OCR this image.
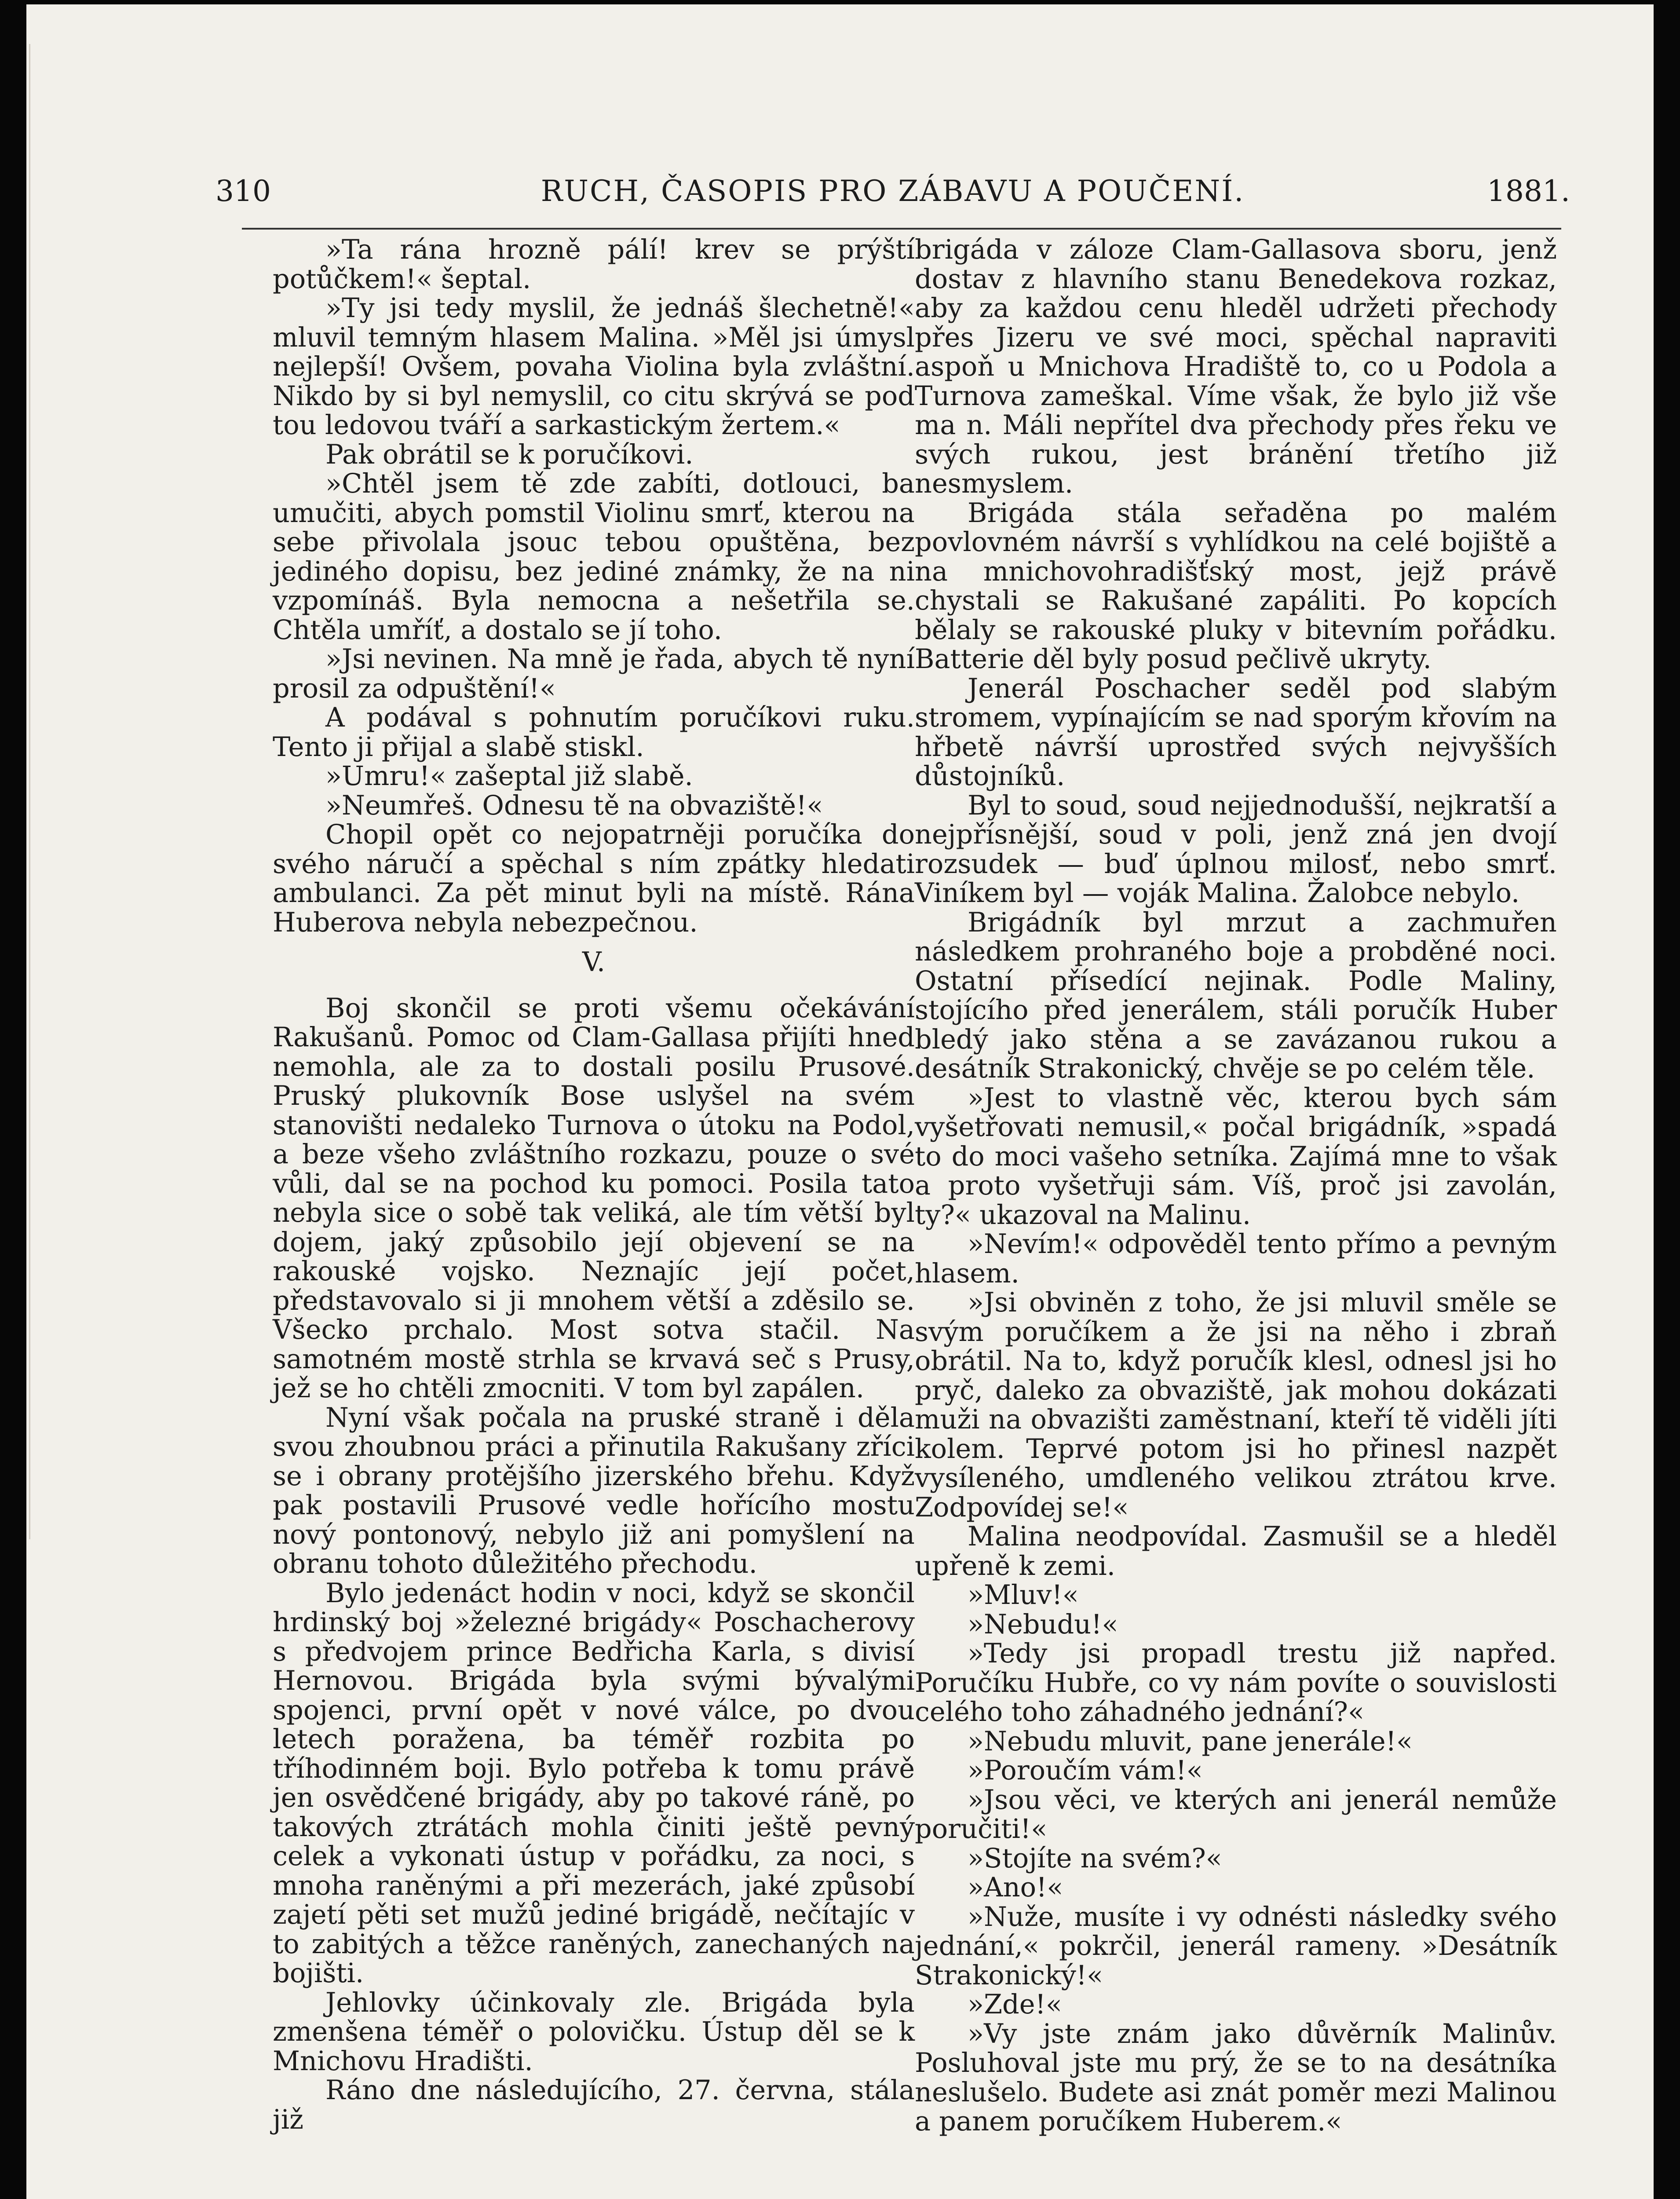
310	RUCH, ČASOPIS PRO ZÁBAVU A POUČENÍ.	1881.

»Ta rána hrozně pálí! krev se prýští potůčkem!« šeptal.

»Ty jsi tedy myslil, že jednáš šlechetně!« mluvil temným hlasem Malina. »Měl jsi úmysl nejlepší! Ovšem, povaha Violina byla zvláštní. Nikdo by si byl nemyslil, co citu skrývá se pod tou ledovou tváří a sarkastickým žertem.«

Pak obrátil se k poručíkovi.

»Chtěl jsem tě zde zabíti, dotlouci, ba umučiti, abych pomstil Violinu smrť, kterou na sebe přivolala jsouc tebou opuštěna, bez jediného dopisu, bez jediné známky, že na ni vzpomínáš. Byla nemocna a nešetřila se. Chtěla umříť, a dostalo se jí toho.

»Jsi nevinen. Na mně je řada, abych tě nyní prosil za odpuštění!«

A podával s pohnutím poručíkovi ruku. Tento ji přijal a slabě stiskl.

»Umru!« zašeptal již slabě.

»Neumřeš. Odnesu tě na obvaziště!«

Chopil opět co nejopatrněji poručíka do svého náručí a spěchal s ním zpátky hledati ambulanci. Za pět minut byli na místě. Rána Huberova nebyla nebezpečnou.

V.

Boj skončil se proti všemu očekávání Rakušanů. Pomoc od Clam-Gallasa přijíti hned nemohla, ale za to dostali posilu Prusové. Pruský plukovník Bose uslyšel na svém stanovišti nedaleko Turnova o útoku na Podol, a beze všeho zvláštního rozkazu, pouze o své vůli, dal se na pochod ku pomoci. Posila tato nebyla sice o sobě tak veliká, ale tím větší byl dojem, jaký způsobilo její objevení se na rakouské vojsko. Neznajíc její počet, představovalo si ji mnohem větší a zděsilo se. Všecko prchalo. Most sotva stačil. Na samotném mostě strhla se krvavá seč s Prusy, jež se ho chtěli zmocniti. V tom byl zapálen.

Nyní však počala na pruské straně i děla svou zhoubnou práci a přinutila Rakušany zříci se i obrany protějšího jizerského břehu. Když pak postavili Prusové vedle hořícího mostu nový pontonový, nebylo již ani pomyšlení na obranu tohoto důležitého přechodu.

Bylo jedenáct hodin v noci, když se skončil hrdinský boj »železné brigády« Poschacherovy s předvojem prince Bedřicha Karla, s divisí Hernovou. Brigáda byla svými bývalými spojenci, první opět v nové válce, po dvou letech poražena, ba téměř rozbita po tříhodinném boji. Bylo potřeba k tomu právě jen osvědčené brigády, aby po takové ráně, po takových ztrátách mohla činiti ještě pevný celek a vykonati ústup v pořádku, za noci, s mnoha raněnými a při mezerách, jaké způsobí zajetí pěti set mužů jediné brigádě, nečítajíc v to zabitých a těžce raněných, zanechaných na bojišti.

Jehlovky účinkovaly zle. Brigáda byla zmenšena téměř o polovičku. Ústup děl se k Mnichovu Hradišti.

Ráno dne následujícího, 27. června, stála již

brigáda v záloze Clam-Gallasova sboru, jenž dostav z hlavního stanu Benedekova rozkaz, aby za každou cenu hleděl udržeti přechody přes Jizeru ve své moci, spěchal napraviti aspoň u Mnichova Hradiště to, co u Podola a Turnova zameškal. Víme však, že bylo již vše ma n. Máli nepřítel dva přechody přes řeku ve svých rukou, jest bránění třetího již nesmyslem.

Brigáda stála seřaděna po malém povlovném návrší s vyhlídkou na celé bojiště a na mnichovohradišťský most, jejž právě chystali se Rakušané zapáliti. Po kopcích bělaly se rakouské pluky v bitevním pořádku. Batterie děl byly posud pečlivě ukryty.

Jenerál Poschacher seděl pod slabým stromem, vypínajícím se nad sporým křovím na hřbetě návrší uprostřed svých nejvyšších důstojníků.

Byl to soud, soud nejjednodušší, nejkratší a nejpřísnější, soud v poli, jenž zná jen dvojí rozsudek — buď úplnou milosť, nebo smrť. Viníkem byl — voják Malina. Žalobce nebylo.

Brigádník byl mrzut a zachmuřen následkem prohraného boje a probděné noci. Ostatní přísedící nejinak. Podle Maliny, stojícího před jenerálem, stáli poručík Huber bledý jako stěna a se zavázanou rukou a desátník Strakonický, chvěje se po celém těle.

»Jest to vlastně věc, kterou bych sám vyšetřovati nemusil,« počal brigádník, »spadá to do moci vašeho setníka. Zajímá mne to však a proto vyšetřuji sám. Víš, proč jsi zavolán, ty?« ukazoval na Malinu.

»Nevím!« odpověděl tento přímo a pevným hlasem.

»Jsi obviněn z toho, že jsi mluvil směle se svým poručíkem a že jsi na něho i zbraň obrátil. Na to, když poručík klesl, odnesl jsi ho pryč, daleko za obvaziště, jak mohou dokázati muži na obvazišti zaměstnaní, kteří tě viděli jíti kolem. Teprvé potom jsi ho přinesl nazpět vysíleného, umdleného velikou ztrátou krve. Zodpovídej se!«

Malina neodpovídal. Zasmušil se a hleděl upřeně k zemi.

»Mluv!«

»Nebudu!«

»Tedy jsi propadl trestu již napřed. Poručíku Hubře, co vy nám povíte o souvislosti celého toho záhadného jednání?«

»Nebudu mluvit, pane jenerále!«

»Poroučím vám!«

»Jsou věci, ve kterých ani jenerál nemůže poručiti!«

»Stojíte na svém?«

»Ano!«

»Nuže, musíte i vy odnésti následky svého jednání,« pokrčil, jenerál rameny. »Desátník Strakonický!«

»Zde!«

»Vy jste znám jako důvěrník Malinův. Posluhoval jste mu prý, že se to na desátníka neslušelo. Budete asi znát poměr mezi Malinou a panem poručíkem Huberem.«
